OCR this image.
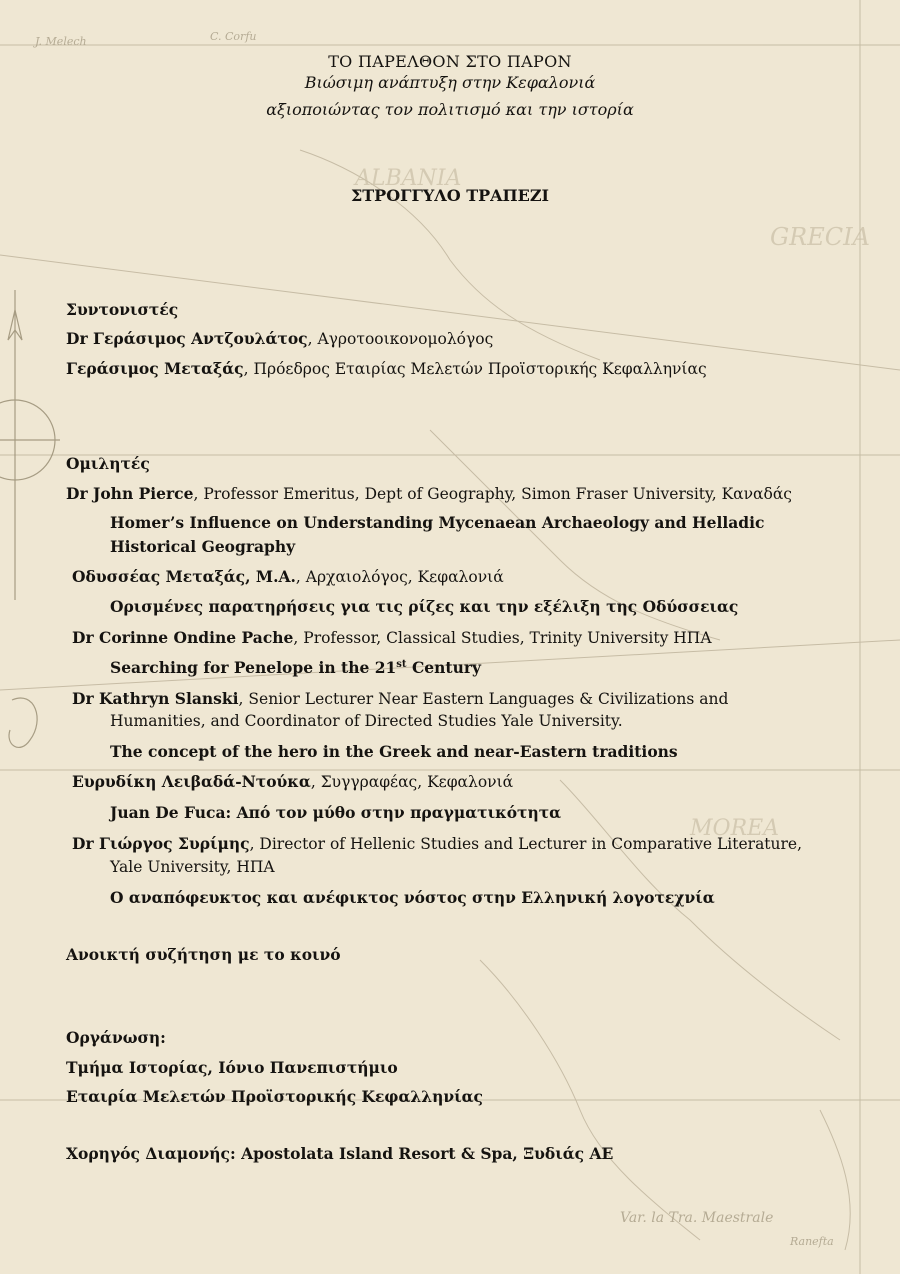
ALBANIA
GRECIA
MOREA
J. Melech	C. Corfu
Var. la Tra. Maestrale
Ranefta
ΤΟ ΠΑΡΕΛΘΟΝ ΣΤΟ ΠΑΡΟΝ
Βιώσιμη ανάπτυξη στην Κεφαλονιά
αξιοποιώντας τον πολιτισμό και την ιστορία
ΣΤΡΟΓΓΥΛΟ ΤΡΑΠΕΖΙ
Συντονιστές
Dr Γεράσιμος Αντζουλάτος, Αγροτοοικονομολόγος
Γεράσιμος Μεταξάς, Πρόεδρος Εταιρίας Μελετών Προϊστορικής Κεφαλληνίας
Ομιλητές
Dr John Pierce, Professor Emeritus, Dept of Geography, Simon Fraser University, Καναδάς
Homer’s Influence on Understanding Mycenaean Archaeology and Helladic
Historical Geography
Οδυσσέας Μεταξάς, M.A., Αρχαιολόγος, Κεφαλονιά
Ορισμένες παρατηρήσεις για τις ρίζες και την εξέλιξη της Οδύσσειας
Dr Corinne Ondine Pache, Professor, Classical Studies, Trinity University ΗΠΑ
Searching for Penelope in the 21st Century
Dr Kathryn Slanski, Senior Lecturer Near Eastern Languages & Civilizations and
Humanities, and Coordinator of Directed Studies Yale University.
The concept of the hero in the Greek and near-Eastern traditions
Ευρυδίκη Λειβαδά-Ντούκα, Συγγραφέας, Κεφαλονιά
Juan De Fuca: Από τον μύθο στην πραγματικότητα
Dr Γιώργος Συρίμης, Director of Hellenic Studies and Lecturer in Comparative Literature,
Yale University, ΗΠΑ
Ο αναπόφευκτος και ανέφικτος νόστος στην Ελληνική λογοτεχνία
Ανοικτή συζήτηση με το κοινό
Οργάνωση:
Τμήμα Ιστορίας, Ιόνιο Πανεπιστήμιο
Εταιρία Μελετών Προϊστορικής Κεφαλληνίας
Χορηγός Διαμονής: Apostolata Island Resort & Spa, Ξυδιάς ΑΕ
